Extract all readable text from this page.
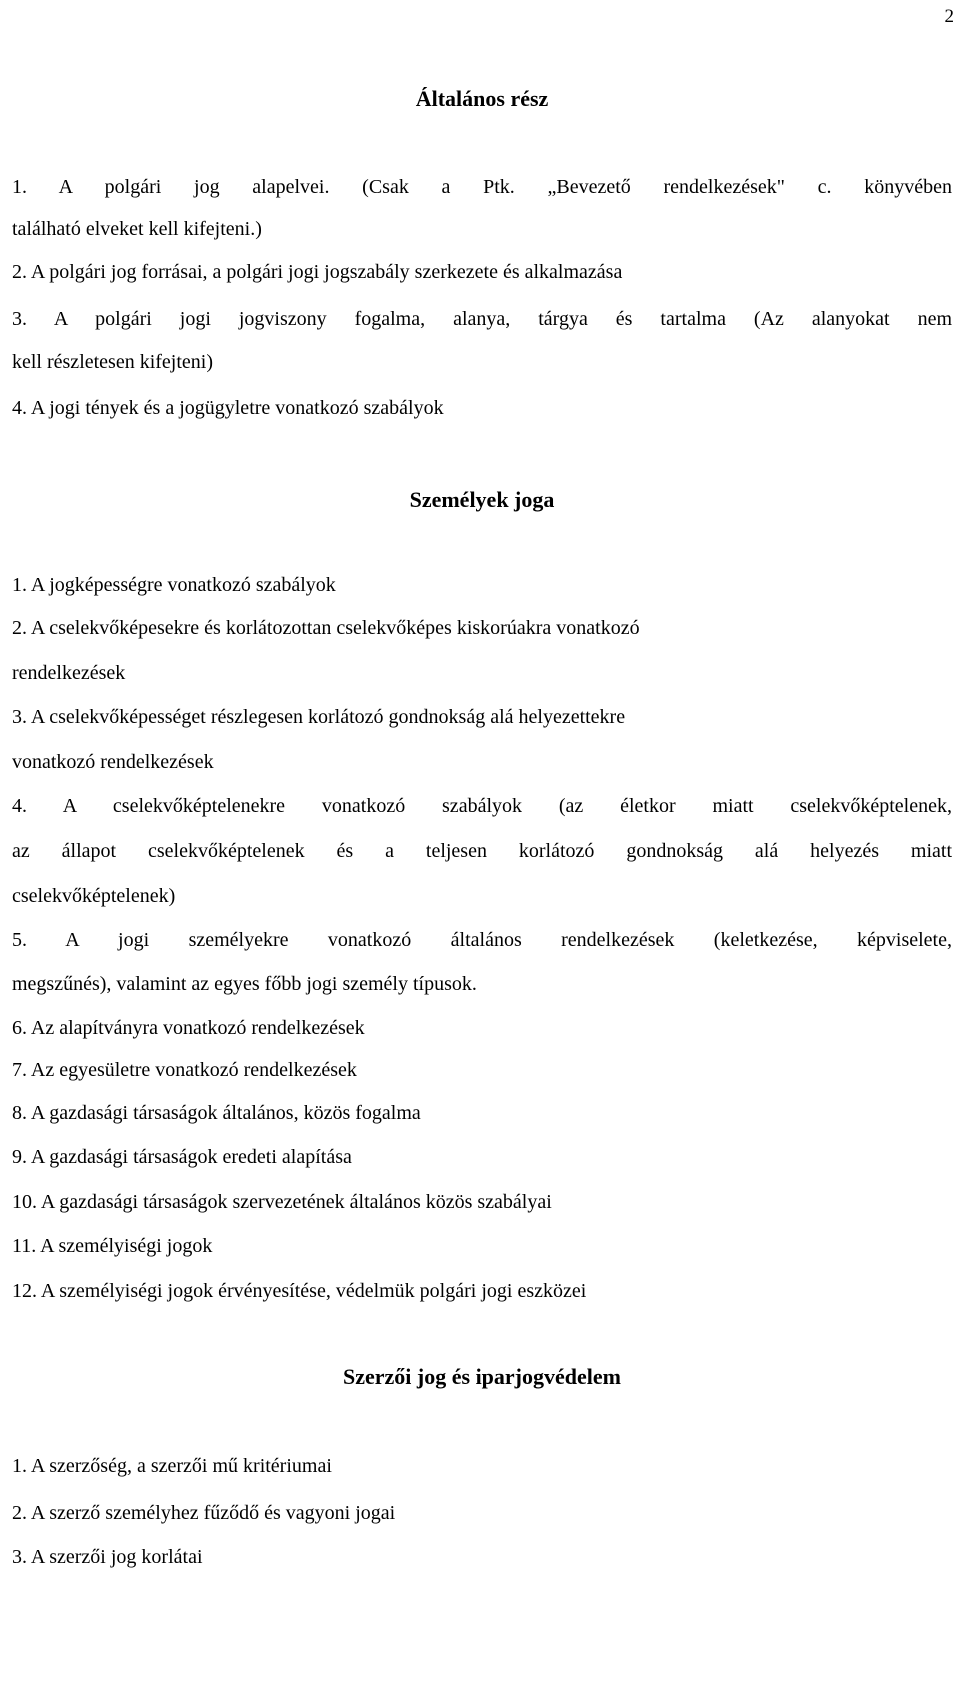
2
Általános rész
1. A polgári jog alapelvei. (Csak a Ptk. „Bevezető rendelkezések" c. könyvében
található elveket kell kifejteni.)
2. A polgári jog forrásai, a polgári jogi jogszabály szerkezete és alkalmazása
3. A polgári jogi jogviszony fogalma, alanya, tárgya és tartalma (Az alanyokat nem
kell részletesen kifejteni)
4. A jogi tények és a jogügyletre vonatkozó szabályok
Személyek joga
1. A jogképességre vonatkozó szabályok
2. A cselekvőképesekre és korlátozottan cselekvőképes kiskorúakra vonatkozó
rendelkezések
3. A cselekvőképességet részlegesen korlátozó gondnokság alá helyezettekre
vonatkozó rendelkezések
4. A cselekvőképtelenekre vonatkozó szabályok (az életkor miatt cselekvőképtelenek,
az állapot cselekvőképtelenek és a teljesen korlátozó gondnokság alá helyezés miatt
cselekvőképtelenek)
5. A jogi személyekre vonatkozó általános rendelkezések (keletkezése, képviselete,
megszűnés), valamint az egyes főbb jogi személy típusok.
6. Az alapítványra vonatkozó rendelkezések
7. Az egyesületre vonatkozó rendelkezések
8. A gazdasági társaságok általános, közös fogalma
9. A gazdasági társaságok eredeti alapítása
10. A gazdasági társaságok szervezetének általános közös szabályai
11. A személyiségi jogok
12. A személyiségi jogok érvényesítése, védelmük polgári jogi eszközei
Szerzői jog és iparjogvédelem
1. A szerzőség, a szerzői mű kritériumai
2. A szerző személyhez fűződő és vagyoni jogai
3. A szerzői jog korlátai
